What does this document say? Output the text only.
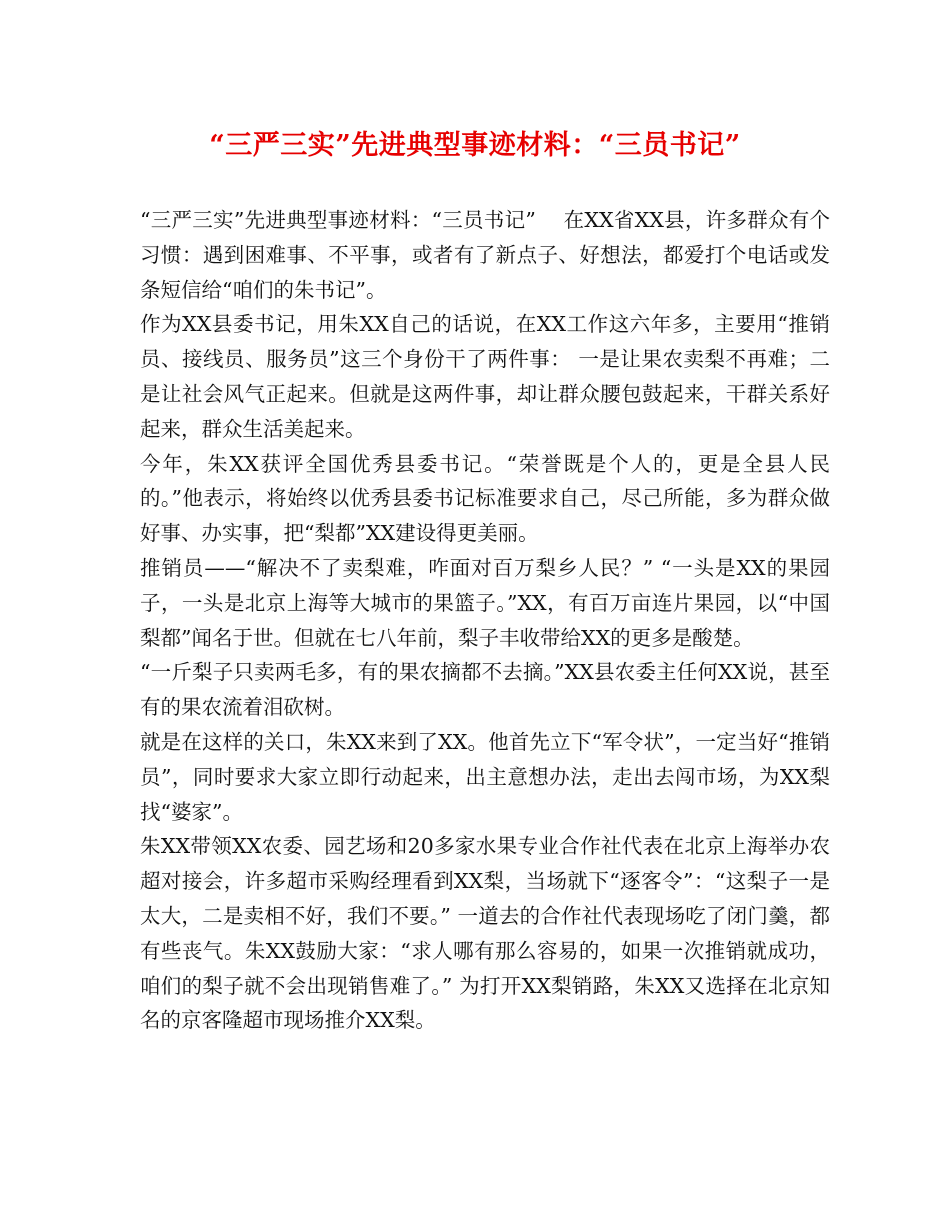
“三严三实”先进典型事迹材料：“三员书记”

“三严三实”先进典型事迹材料：“三员书记”　 在XX省XX县，许多群众有个习惯：遇到困难事、不平事，或者有了新点子、好想法，都爱打个电话或发条短信给“咱们的朱书记”。

作为XX县委书记，用朱XX自己的话说，在XX工作这六年多，主要用“推销员、接线员、服务员”这三个身份干了两件事： 一是让果农卖梨不再难；二是让社会风气正起来。但就是这两件事，却让群众腰包鼓起来，干群关系好起来，群众生活美起来。

今年，朱XX获评全国优秀县委书记。“荣誉既是个人的，更是全县人民的。”他表示，将始终以优秀县委书记标准要求自己，尽己所能，多为群众做好事、办实事，把“梨都”XX建设得更美丽。

推销员——“解决不了卖梨难，咋面对百万梨乡人民？” “一头是XX的果园子，一头是北京上海等大城市的果篮子。”XX，有百万亩连片果园，以“中国梨都”闻名于世。但就在七八年前，梨子丰收带给XX的更多是酸楚。

“一斤梨子只卖两毛多，有的果农摘都不去摘。”XX县农委主任何XX说，甚至有的果农流着泪砍树。

就是在这样的关口，朱XX来到了XX。他首先立下“军令状”，一定当好“推销员”，同时要求大家立即行动起来，出主意想办法，走出去闯市场，为XX梨找“婆家”。

朱XX带领XX农委、园艺场和20多家水果专业合作社代表在北京上海举办农超对接会，许多超市采购经理看到XX梨，当场就下“逐客令”：“这梨子一是太大，二是卖相不好，我们不要。” 一道去的合作社代表现场吃了闭门羹，都有些丧气。朱XX鼓励大家：“求人哪有那么容易的，如果一次推销就成功，咱们的梨子就不会出现销售难了。” 为打开XX梨销路，朱XX又选择在北京知名的京客隆超市现场推介XX梨。
